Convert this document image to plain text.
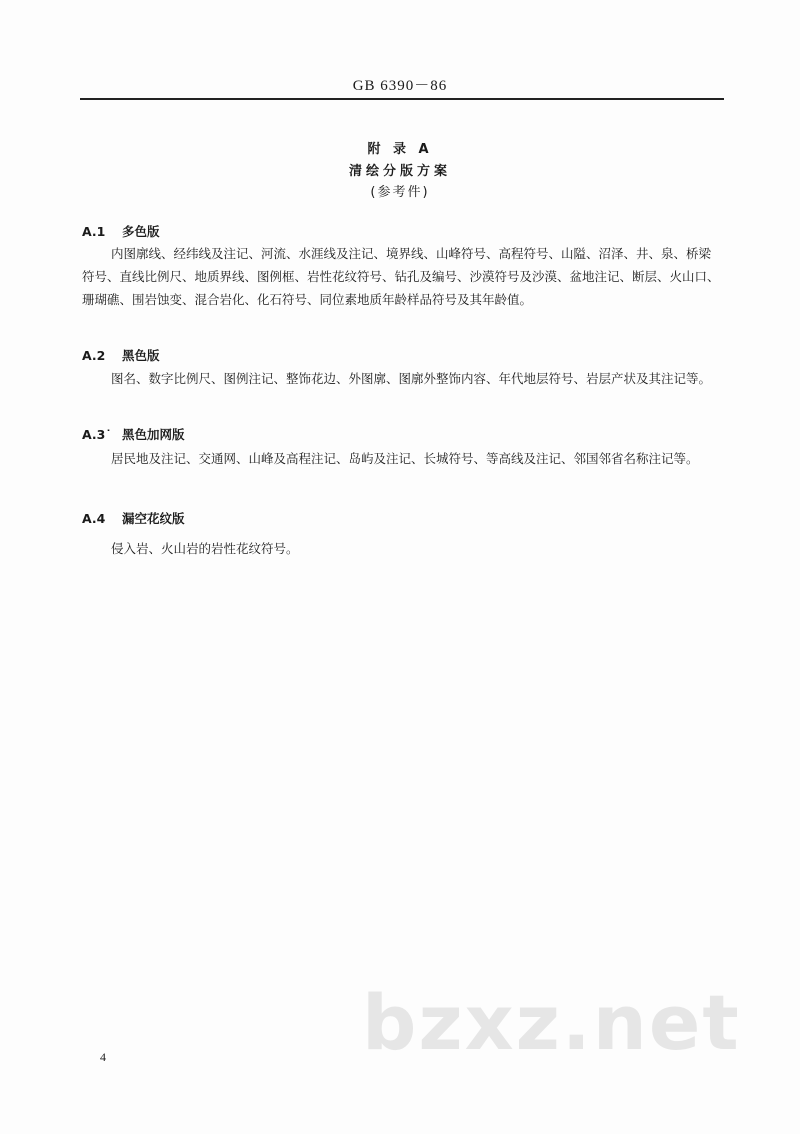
GB 6390－86
附 录 A
清绘分版方案
(参考件)
A.1 多色版
内图廓线、经纬线及注记、河流、水涯线及注记、境界线、山峰符号、高程符号、山隘、沼泽、井、泉、桥梁符号、直线比例尺、地质界线、图例框、岩性花纹符号、钻孔及编号、沙漠符号及沙漠、盆地注记、断层、火山口、珊瑚礁、围岩蚀变、混合岩化、化石符号、同位素地质年龄样品符号及其年龄值。
A.2 黑色版
图名、数字比例尺、图例注记、整饰花边、外图廓、图廓外整饰内容、年代地层符号、岩层产状及其注记等。
A.3˙ 黑色加网版
居民地及注记、交通网、山峰及高程注记、岛屿及注记、长城符号、等高线及注记、邻国邻省名称注记等。
A.4 漏空花纹版
侵入岩、火山岩的岩性花纹符号。
4	bzxz.net
